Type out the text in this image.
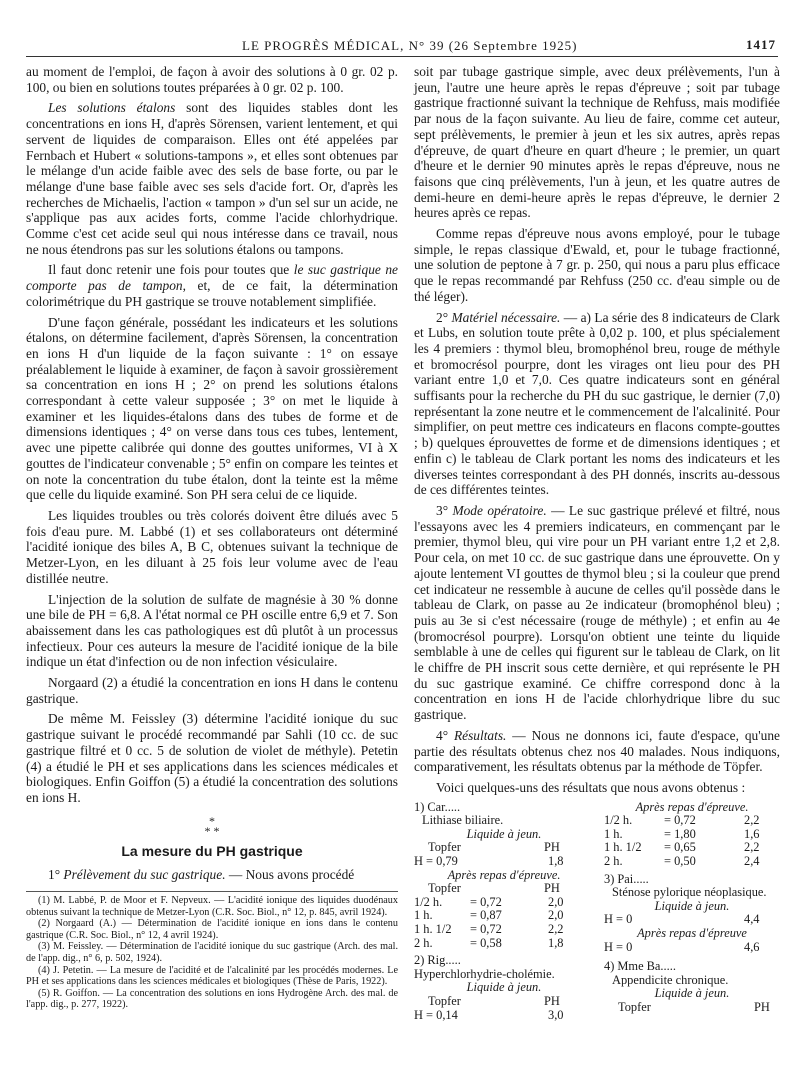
LE PROGRÈS MÉDICAL, N° 39 (26 Septembre 1925)	1417

au moment de l'emploi, de façon à avoir des solutions à 0 gr. 02 p. 100, ou bien en solutions toutes préparées à 0 gr. 02 p. 100.

Les solutions étalons sont des liquides stables dont les concentrations en ions H, d'après Sörensen, varient lentement, et qui servent de liquides de comparaison. Elles ont été appelées par Fernbach et Hubert « solutions-tampons », et elles sont obtenues par le mélange d'un acide faible avec des sels de base forte, ou par le mélange d'une base faible avec ses sels d'acide fort. Or, d'après les recherches de Michaelis, l'action « tampon » d'un sel sur un acide, ne s'applique pas aux acides forts, comme l'acide chlorhydrique. Comme c'est cet acide seul qui nous intéresse dans ce travail, nous ne nous étendrons pas sur les solutions étalons ou tampons.

Il faut donc retenir une fois pour toutes que le suc gastrique ne comporte pas de tampon, et, de ce fait, la détermination colorimétrique du PH gastrique se trouve notablement simplifiée.

D'une façon générale, possédant les indicateurs et les solutions étalons, on détermine facilement, d'après Sörensen, la concentration en ions H d'un liquide de la façon suivante : 1° on essaye préalablement le liquide à examiner, de façon à savoir grossièrement sa concentration en ions H ; 2° on prend les solutions étalons correspondant à cette valeur supposée ; 3° on met le liquide à examiner et les liquides-étalons dans des tubes de forme et de dimensions identiques ; 4° on verse dans tous ces tubes, lentement, avec une pipette calibrée qui donne des gouttes uniformes, VI à X gouttes de l'indicateur convenable ; 5° enfin on compare les teintes et on note la concentration du tube étalon, dont la teinte est la même que celle du liquide examiné. Son PH sera celui de ce liquide.

Les liquides troubles ou très colorés doivent être dilués avec 5 fois d'eau pure. M. Labbé (1) et ses collaborateurs ont déterminé l'acidité ionique des biles A, B C, obtenues suivant la technique de Metzer-Lyon, en les diluant à 25 fois leur volume avec de l'eau distillée neutre.

L'injection de la solution de sulfate de magnésie à 30 % donne une bile de PH = 6,8. A l'état normal ce PH oscille entre 6,9 et 7. Son abaissement dans les cas pathologiques est dû plutôt à un processus infectieux. Pour ces auteurs la mesure de l'acidité ionique de la bile indique un état d'infection ou de non infection vésiculaire.

Norgaard (2) a étudié la concentration en ions H dans le contenu gastrique.

De même M. Feissley (3) détermine l'acidité ionique du suc gastrique suivant le procédé recommandé par Sahli (10 cc. de suc gastrique filtré et 0 cc. 5 de solution de violet de méthyle). Petetin (4) a étudié le PH et ses applications dans les sciences médicales et biologiques. Enfin Goiffon (5) a étudié la concentration des solutions en ions H.

*
* *
La mesure du PH gastrique

1° Prélèvement du suc gastrique. — Nous avons procédé

(1) M. Labbé, P. de Moor et F. Nepveux. — L'acidité ionique des liquides duodénaux obtenus suivant la technique de Metzer-Lyon (C.R. Soc. Biol., n° 12, p. 845, avril 1924).
(2) Norgaard (A.) — Détermination de l'acidité ionique en ions dans le contenu gastrique (C.R. Soc. Biol., n° 12, 4 avril 1924).
(3) M. Feissley. — Détermination de l'acidité ionique du suc gastrique (Arch. des mal. de l'app. dig., n° 6, p. 502, 1924).
(4) J. Petetin. — La mesure de l'acidité et de l'alcalinité par les procédés modernes. Le PH et ses applications dans les sciences médicales et biologiques (Thèse de Paris, 1922).
(5) R. Goiffon. — La concentration des solutions en ions Hydrogène Arch. des mal. de l'app. dig., p. 277, 1922).

soit par tubage gastrique simple, avec deux prélèvements, l'un à jeun, l'autre une heure après le repas d'épreuve ; soit par tubage gastrique fractionné suivant la technique de Rehfuss, mais modifiée par nous de la façon suivante. Au lieu de faire, comme cet auteur, sept prélèvements, le premier à jeun et les six autres, après repas d'épreuve, de quart d'heure en quart d'heure ; le premier, un quart d'heure et le dernier 90 minutes après le repas d'épreuve, nous ne faisons que cinq prélèvements, l'un à jeun, et les quatre autres de demi-heure en demi-heure après le repas d'épreuve, le dernier 2 heures après ce repas.

Comme repas d'épreuve nous avons employé, pour le tubage simple, le repas classique d'Ewald, et, pour le tubage fractionné, une solution de peptone à 7 gr. p. 250, qui nous a paru plus efficace que le repas recommandé par Rehfuss (250 cc. d'eau simple ou de thé léger).

2° Matériel nécessaire. — a) La série des 8 indicateurs de Clark et Lubs, en solution toute prête à 0,02 p. 100, et plus spécialement les 4 premiers : thymol bleu, bromophénol breu, rouge de méthyle et bromocrésol pourpre, dont les virages ont lieu pour des PH variant entre 1,0 et 7,0. Ces quatre indicateurs sont en général suffisants pour la recherche du PH du suc gastrique, le dernier (7,0) représentant la zone neutre et le commencement de l'alcalinité. Pour simplifier, on peut mettre ces indicateurs en flacons compte-gouttes ; b) quelques éprouvettes de forme et de dimensions identiques ; et enfin c) le tableau de Clark portant les noms des indicateurs et les diverses teintes correspondant à des PH donnés, inscrits au-dessous de ces différentes teintes.

3° Mode opératoire. — Le suc gastrique prélevé et filtré, nous l'essayons avec les 4 premiers indicateurs, en commençant par le premier, thymol bleu, qui vire pour un PH variant entre 1,2 et 2,8. Pour cela, on met 10 cc. de suc gastrique dans une éprouvette. On y ajoute lentement VI gouttes de thymol bleu ; si la couleur que prend cet indicateur ne ressemble à aucune de celles qu'il possède dans le tableau de Clark, on passe au 2e indicateur (bromophénol bleu) ; puis au 3e si c'est nécessaire (rouge de méthyle) ; et enfin au 4e (bromocrésol pourpre). Lorsqu'on obtient une teinte du liquide semblable à une de celles qui figurent sur le tableau de Clark, on lit le chiffre de PH inscrit sous cette dernière, et qui représente le PH du suc gastrique examiné. Ce chiffre correspond donc à la concentration en ions H de l'acide chlorhydrique libre du suc gastrique.

4° Résultats. — Nous ne donnons ici, faute d'espace, qu'une partie des résultats obtenus chez nos 40 malades. Nous indiquons, comparativement, les résultats obtenus par la méthode de Töpfer.

Voici quelques-uns des résultats que nous avons obtenus :

1) Car.....
Lithiase biliaire.
Liquide à jeun.
Topfer	PH
H = 0,79	1,8
Après repas d'épreuve.
Topfer	PH
1/2 h. = 0,72	2,0
1 h.	= 0,87	2,0
1 h. 1/2 = 0,72	2,2
2 h.	= 0,58	1,8
2) Rig.....
Hyperchlorhydrie-cholémie.
Liquide à jeun.
Topfer	PH
H = 0,14	3,0
Après repas d'épreuve.
1/2 h.	= 0,72	2,2
1 h.	= 1,80	1,6
1 h. 1/2 = 0,65	2,2
2 h.	= 0,50	2,4
3) Pai.....
Sténose pylorique néoplasique.
Liquide à jeun.
H = 0	4,4
Après repas d'épreuve
H = 0	4,6
4) Mme Ba.....
Appendicite chronique.
Liquide à jeun.
Topfer	PH
